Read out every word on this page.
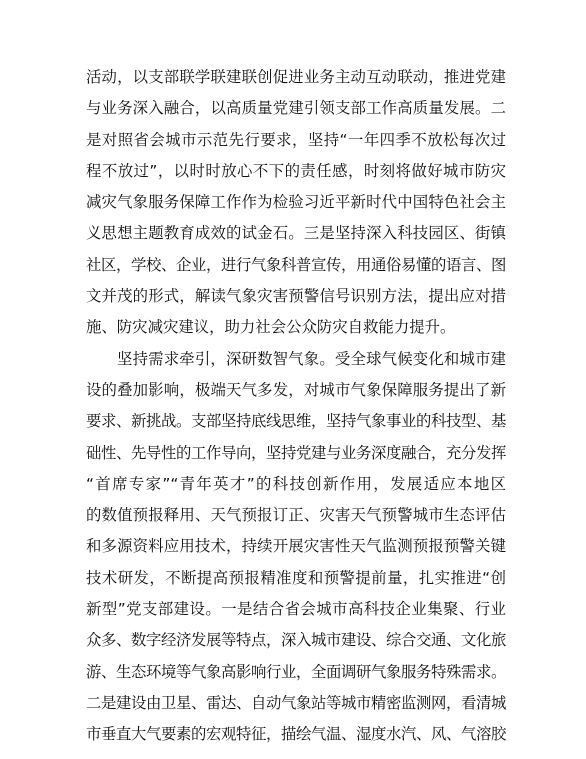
活动，以支部联学联建联创促进业务主动互动联动，推进党建
与业务深入融合，以高质量党建引领支部工作高质量发展。二
是对照省会城市示范先行要求，坚持“一年四季不放松每次过
程不放过”，以时时放心不下的责任感，时刻将做好城市防灾
减灾气象服务保障工作作为检验习近平新时代中国特色社会主
义思想主题教育成效的试金石。三是坚持深入科技园区、街镇
社区，学校、企业，进行气象科普宣传，用通俗易懂的语言、图
文并茂的形式，解读气象灾害预警信号识别方法，提出应对措
施、防灾减灾建议，助力社会公众防灾自救能力提升。
坚持需求牵引，深研数智气象。受全球气候变化和城市建
设的叠加影响，极端天气多发，对城市气象保障服务提出了新
要求、新挑战。支部坚持底线思维，坚持气象事业的科技型、基
础性、先导性的工作导向，坚持党建与业务深度融合，充分发挥
“首席专家”“青年英才”的科技创新作用，发展适应本地区
的数值预报释用、天气预报订正、灾害天气预警城市生态评估
和多源资料应用技术，持续开展灾害性天气监测预报预警关键
技术研发，不断提高预报精准度和预警提前量，扎实推进“创
新型”党支部建设。一是结合省会城市高科技企业集聚、行业
众多、数字经济发展等特点，深入城市建设、综合交通、文化旅
游、生态环境等气象高影响行业，全面调研气象服务特殊需求。
二是建设由卫星、雷达、自动气象站等城市精密监测网，看清城
市垂直大气要素的宏观特征，描绘气温、湿度水汽、风、气溶胶
